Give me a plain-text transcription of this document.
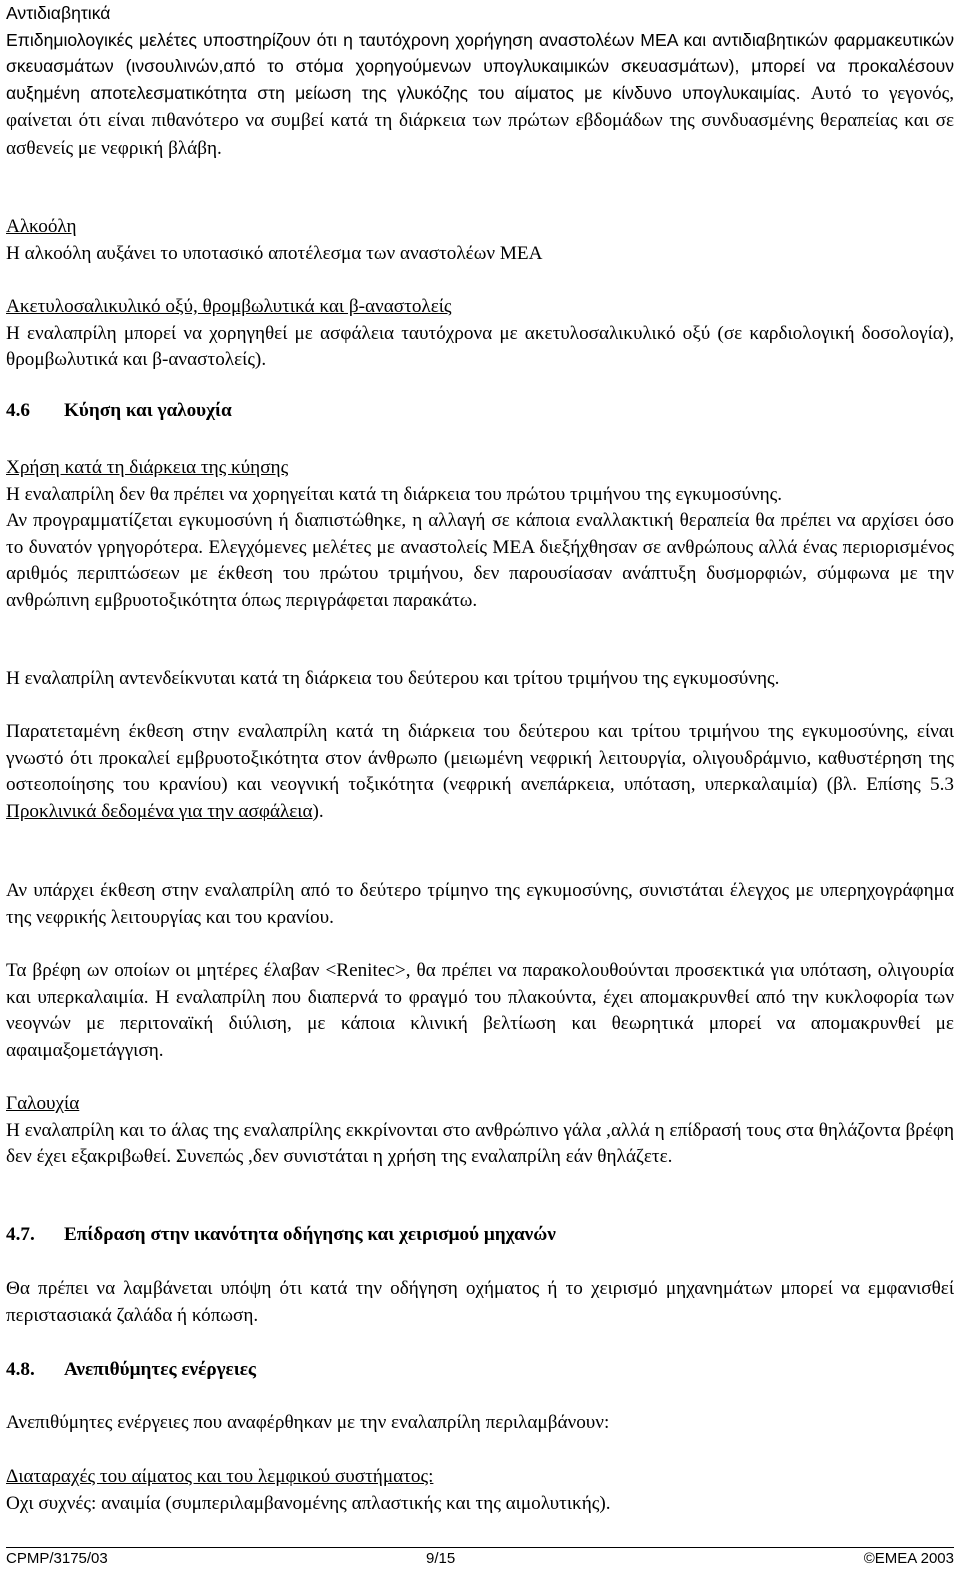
Αντιδιαβητικά
Επιδημιολογικές μελέτες υποστηρίζουν ότι η ταυτόχρονη χορήγηση αναστολέων ΜΕΑ και αντιδιαβητικών φαρμακευτικών σκευασμάτων (ινσουλινών,από το στόμα χορηγούμενων υπογλυκαιμικών σκευασμάτων), μπορεί να προκαλέσουν αυξημένη αποτελεσματικότητα στη μείωση της γλυκόζης του αίματος με κίνδυνο υπογλυκαιμίας. Αυτό το γεγονός, φαίνεται ότι είναι πιθανότερο να συμβεί κατά τη διάρκεια των πρώτων εβδομάδων της συνδυασμένης θεραπείας και σε ασθενείς με νεφρική βλάβη.
Αλκοόλη
Η αλκοόλη αυξάνει το υποτασικό αποτέλεσμα των αναστολέων ΜΕΑ
Ακετυλοσαλικυλικό οξύ, θρομβωλυτικά και β-αναστολείς
Η εναλαπρίλη μπορεί να χορηγηθεί με ασφάλεια ταυτόχρονα με ακετυλοσαλικυλικό οξύ (σε καρδιολογική δοσολογία), θρομβωλυτικά και β-αναστολείς).
4.6 Κύηση και γαλουχία
Χρήση κατά τη διάρκεια της κύησης
Η εναλαπρίλη δεν θα πρέπει να χορηγείται κατά τη διάρκεια του πρώτου τριμήνου της εγκυμοσύνης.
Αν προγραμματίζεται εγκυμοσύνη ή διαπιστώθηκε, η αλλαγή σε κάποια εναλλακτική θεραπεία θα πρέπει να αρχίσει όσο το δυνατόν γρηγορότερα. Ελεγχόμενες μελέτες με αναστολείς ΜΕΑ διεξήχθησαν σε ανθρώπους αλλά ένας περιορισμένος αριθμός περιπτώσεων με έκθεση του πρώτου τριμήνου, δεν παρουσίασαν ανάπτυξη δυσμορφιών, σύμφωνα με την ανθρώπινη εμβρυοτοξικότητα όπως περιγράφεται παρακάτω.
Η εναλαπρίλη αντενδείκνυται κατά τη διάρκεια του δεύτερου και τρίτου τριμήνου της εγκυμοσύνης.
Παρατεταμένη έκθεση στην εναλαπρίλη κατά τη διάρκεια του δεύτερου και τρίτου τριμήνου της εγκυμοσύνης, είναι γνωστό ότι προκαλεί εμβρυοτοξικότητα στον άνθρωπο (μειωμένη νεφρική λειτουργία, ολιγουδράμνιο, καθυστέρηση της οστεοποίησης του κρανίου) και νεογνική τοξικότητα (νεφρική ανεπάρκεια, υπόταση, υπερκαλαιμία) (βλ. Επίσης 5.3 Προκλινικά δεδομένα για την ασφάλεια).
Αν υπάρχει έκθεση στην εναλαπρίλη από το δεύτερο τρίμηνο της εγκυμοσύνης, συνιστάται έλεγχος με υπερηχογράφημα της νεφρικής λειτουργίας και του κρανίου.
Τα βρέφη ων οποίων οι μητέρες έλαβαν <Renitec>, θα πρέπει να παρακολουθούνται προσεκτικά για υπόταση, ολιγουρία και υπερκαλαιμία. Η εναλαπρίλη που διαπερνά το φραγμό του πλακούντα, έχει απομακρυνθεί από την κυκλοφορία των νεογνών με περιτοναϊκή διύλιση, με κάποια κλινική βελτίωση και θεωρητικά μπορεί να απομακρυνθεί με αφαιμαξομετάγγιση.
Γαλουχία
Η εναλαπρίλη και το άλας της εναλαπρίλης εκκρίνονται στο ανθρώπινο γάλα ,αλλά η επίδρασή τους στα θηλάζοντα βρέφη δεν έχει εξακριβωθεί. Συνεπώς ,δεν συνιστάται η χρήση της εναλαπρίλη εάν θηλάζετε.
4.7. Επίδραση στην ικανότητα οδήγησης και χειρισμού μηχανών
Θα πρέπει να λαμβάνεται υπόψη ότι κατά την οδήγηση οχήματος ή το χειρισμό μηχανημάτων μπορεί να εμφανισθεί περιστασιακά ζαλάδα ή κόπωση.
4.8. Ανεπιθύμητες ενέργειες
Ανεπιθύμητες ενέργειες που αναφέρθηκαν με την εναλαπρίλη περιλαμβάνουν:
Διαταραχές του αίματος και του λεμφικού συστήματος:
Οχι συχνές: αναιμία (συμπεριλαμβανομένης απλαστικής και της αιμολυτικής).
CPMP/3175/03	9/15	©EMEA 2003
